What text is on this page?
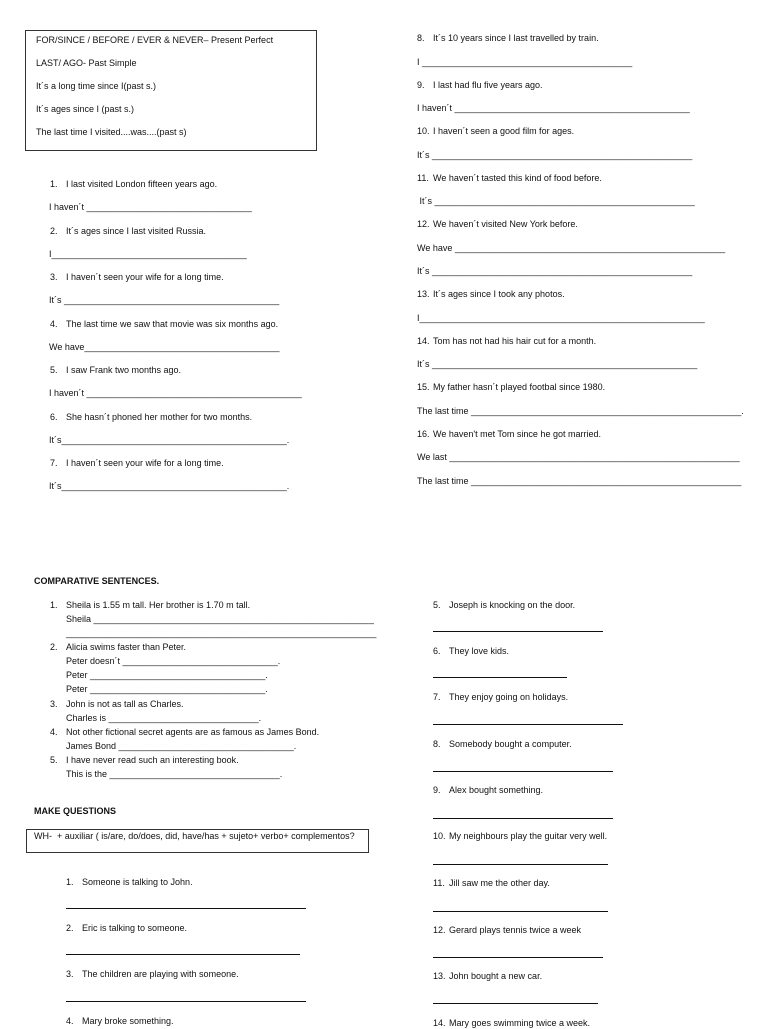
FOR/SINCE / BEFORE / EVER & NEVER– Present Perfect
LAST/ AGO- Past Simple
It´s a long time since I(past s.)
It´s ages since I (past s.)
The last time I visited....was....(past s)
1. I last visited London fifteen years ago.
I haven´t _________________________________
2. It´s ages since I last visited Russia.
I_______________________________________
3. I haven´t seen your wife for a long time.
It´s ___________________________________________
4. The last time we saw that movie was six months ago.
We have_______________________________________
5. I saw Frank two months ago.
I haven´t ___________________________________________
6. She hasn´t phoned her mother for two months.
It´s_____________________________________________.
7. I haven´t seen your wife for a long time.
It´s_____________________________________________.
8. It´s 10 years since I last travelled by train.
I __________________________________________
9. I last had flu five years ago.
I haven´t _______________________________________________
10. I haven´t seen a good film for ages.
It´s ____________________________________________________
11. We haven´t tasted this kind of food before.
It´s ____________________________________________________
12. We haven´t visited New York before.
We have ______________________________________________________
It´s ____________________________________________________
13. It´s ages since I took any photos.
I_________________________________________________________
14. Tom has not had his hair cut for a month.
It´s _____________________________________________________
15. My father hasn´t played footbal since 1980.
The last time ______________________________________________________.
16. We haven't met Tom since he got married.
We last __________________________________________________________
The last time ______________________________________________________
COMPARATIVE SENTENCES.
1. Sheila is 1.55 m tall. Her brother is 1.70 m tall.
Sheila ________________________________________________________
______________________________________________________________
2. Alicia swims faster than Peter.
Peter doesn´t _______________________________.
Peter ___________________________________.
Peter ___________________________________.
3. John is not as tall as Charles.
Charles is ______________________________.
4. Not other fictional secret agents are as famous as James Bond.
James Bond ___________________________________.
5. I have never read such an interesting book.
This is the __________________________________.
MAKE QUESTIONS
WH-  + auxiliar ( is/are, do/does, did, have/has + sujeto+ verbo+ complementos?
1. Someone is talking to John.
2. Eric is talking to someone.
3. The children are playing with someone.
4. Mary broke something.
5. Joseph is knocking on the door.
6. They love kids.
7. They enjoy going on holidays.
8. Somebody bought a computer.
9. Alex bought something.
10. My neighbours play the guitar very well.
11. Jill saw me the other day.
12. Gerard plays tennis twice a week
13. John bought a new car.
14. Mary goes swimming twice a week.
